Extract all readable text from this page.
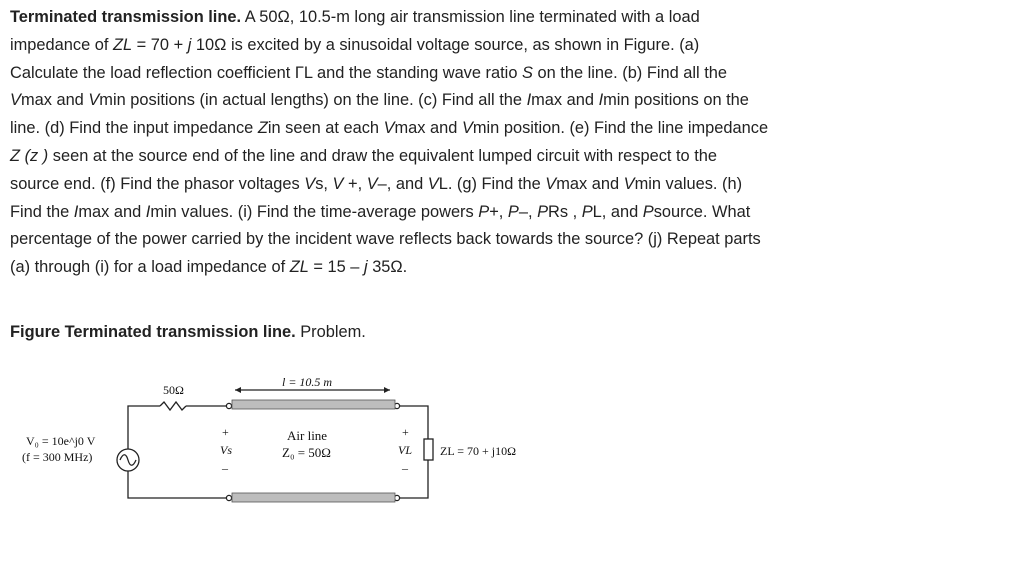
Terminated transmission line. A 50Ω, 10.5-m long air transmission line terminated with a load impedance of ZL = 70 + j 10Ω is excited by a sinusoidal voltage source, as shown in Figure. (a) Calculate the load reflection coefficient ΓL and the standing wave ratio S on the line. (b) Find all the Vmax and Vmin positions (in actual lengths) on the line. (c) Find all the Imax and Imin positions on the line. (d) Find the input impedance Zin seen at each Vmax and Vmin position. (e) Find the line impedance Z (z ) seen at the source end of the line and draw the equivalent lumped circuit with respect to the source end. (f) Find the phasor voltages Vs, V +, V–, and VL. (g) Find the Vmax and Vmin values. (h) Find the Imax and Imin values. (i) Find the time-average powers P+, P–, PRs , PL, and Psource. What percentage of the power carried by the incident wave reflects back towards the source? (j) Repeat parts (a) through (i) for a load impedance of ZL = 15 – j 35Ω.

Figure Terminated transmission line. Problem.

50Ω
l = 10.5 m
V₀ = 10e^j0 V
(f = 300 MHz)
+
Vs
–
Air line
Z₀ = 50Ω
+
VL
–
ZL = 70 + j10Ω
